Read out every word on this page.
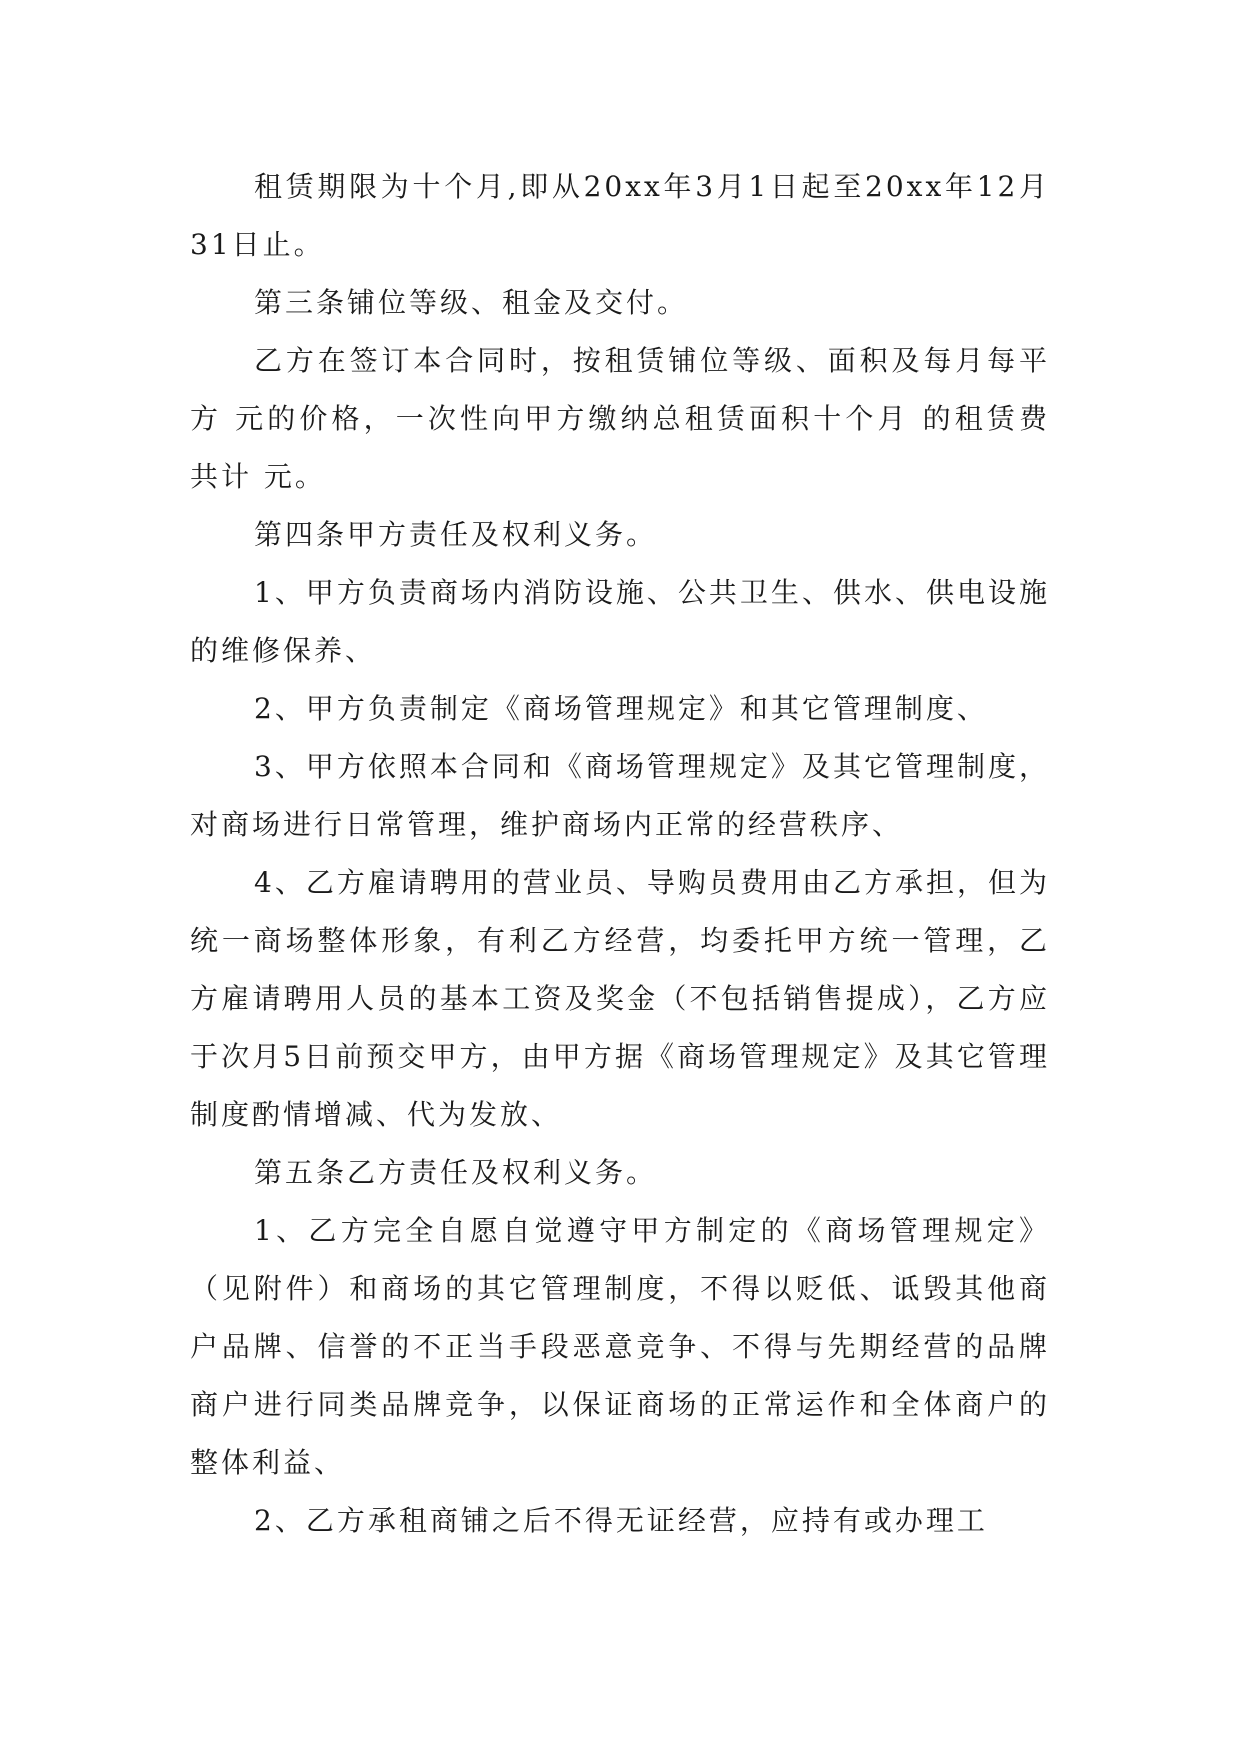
租赁期限为十个月,即从20xx年3月1日起至20xx年12月31日止。

第三条铺位等级、租金及交付。

乙方在签订本合同时，按租赁铺位等级、面积及每月每平方 元的价格，一次性向甲方缴纳总租赁面积十个月 的租赁费共计 元。

第四条甲方责任及权利义务。

1、甲方负责商场内消防设施、公共卫生、供水、供电设施的维修保养、

2、甲方负责制定《商场管理规定》和其它管理制度、

3、甲方依照本合同和《商场管理规定》及其它管理制度，对商场进行日常管理，维护商场内正常的经营秩序、

4、乙方雇请聘用的营业员、导购员费用由乙方承担，但为统一商场整体形象，有利乙方经营，均委托甲方统一管理，乙方雇请聘用人员的基本工资及奖金（不包括销售提成），乙方应于次月5日前预交甲方，由甲方据《商场管理规定》及其它管理制度酌情增减、代为发放、

第五条乙方责任及权利义务。

1、乙方完全自愿自觉遵守甲方制定的《商场管理规定》（见附件）和商场的其它管理制度，不得以贬低、诋毁其他商户品牌、信誉的不正当手段恶意竞争、不得与先期经营的品牌商户进行同类品牌竞争，以保证商场的正常运作和全体商户的整体利益、

2、乙方承租商铺之后不得无证经营，应持有或办理工
